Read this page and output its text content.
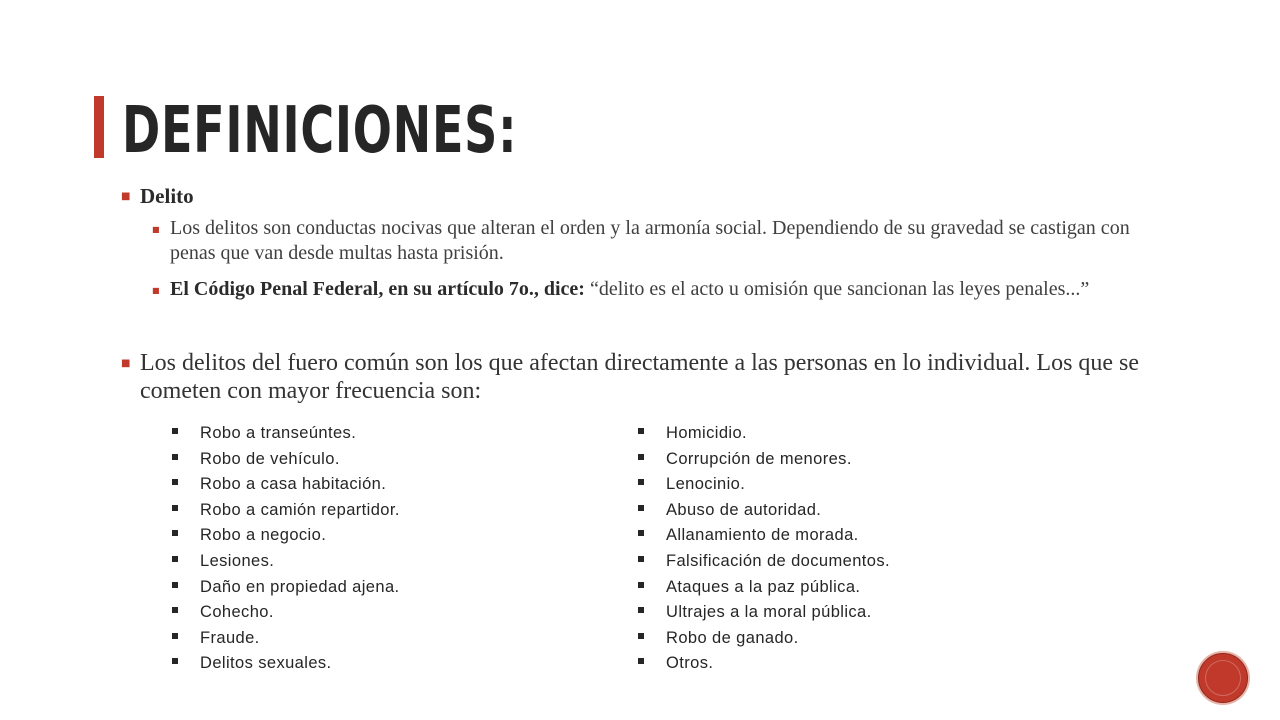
DEFINICIONES:
■ Delito
■ Los delitos son conductas nocivas que alteran el orden y la armonía social. Dependiendo de su gravedad se castigan con penas que van desde multas hasta prisión.
■ El Código Penal Federal, en su artículo 7o., dice: “delito es el acto u omisión que sancionan las leyes penales...”
■ Los delitos del fuero común son los que afectan directamente a las personas en lo individual. Los que se cometen con mayor frecuencia son:
Robo a transeúntes.
Robo de vehículo.
Robo a casa habitación.
Robo a camión repartidor.
Robo a negocio.
Lesiones.
Daño en propiedad ajena.
Cohecho.
Fraude.
Delitos sexuales.
Homicidio.
Corrupción de menores.
Lenocinio.
Abuso de autoridad.
Allanamiento de morada.
Falsificación de documentos.
Ataques a la paz pública.
Ultrajes a la moral pública.
Robo de ganado.
Otros.
